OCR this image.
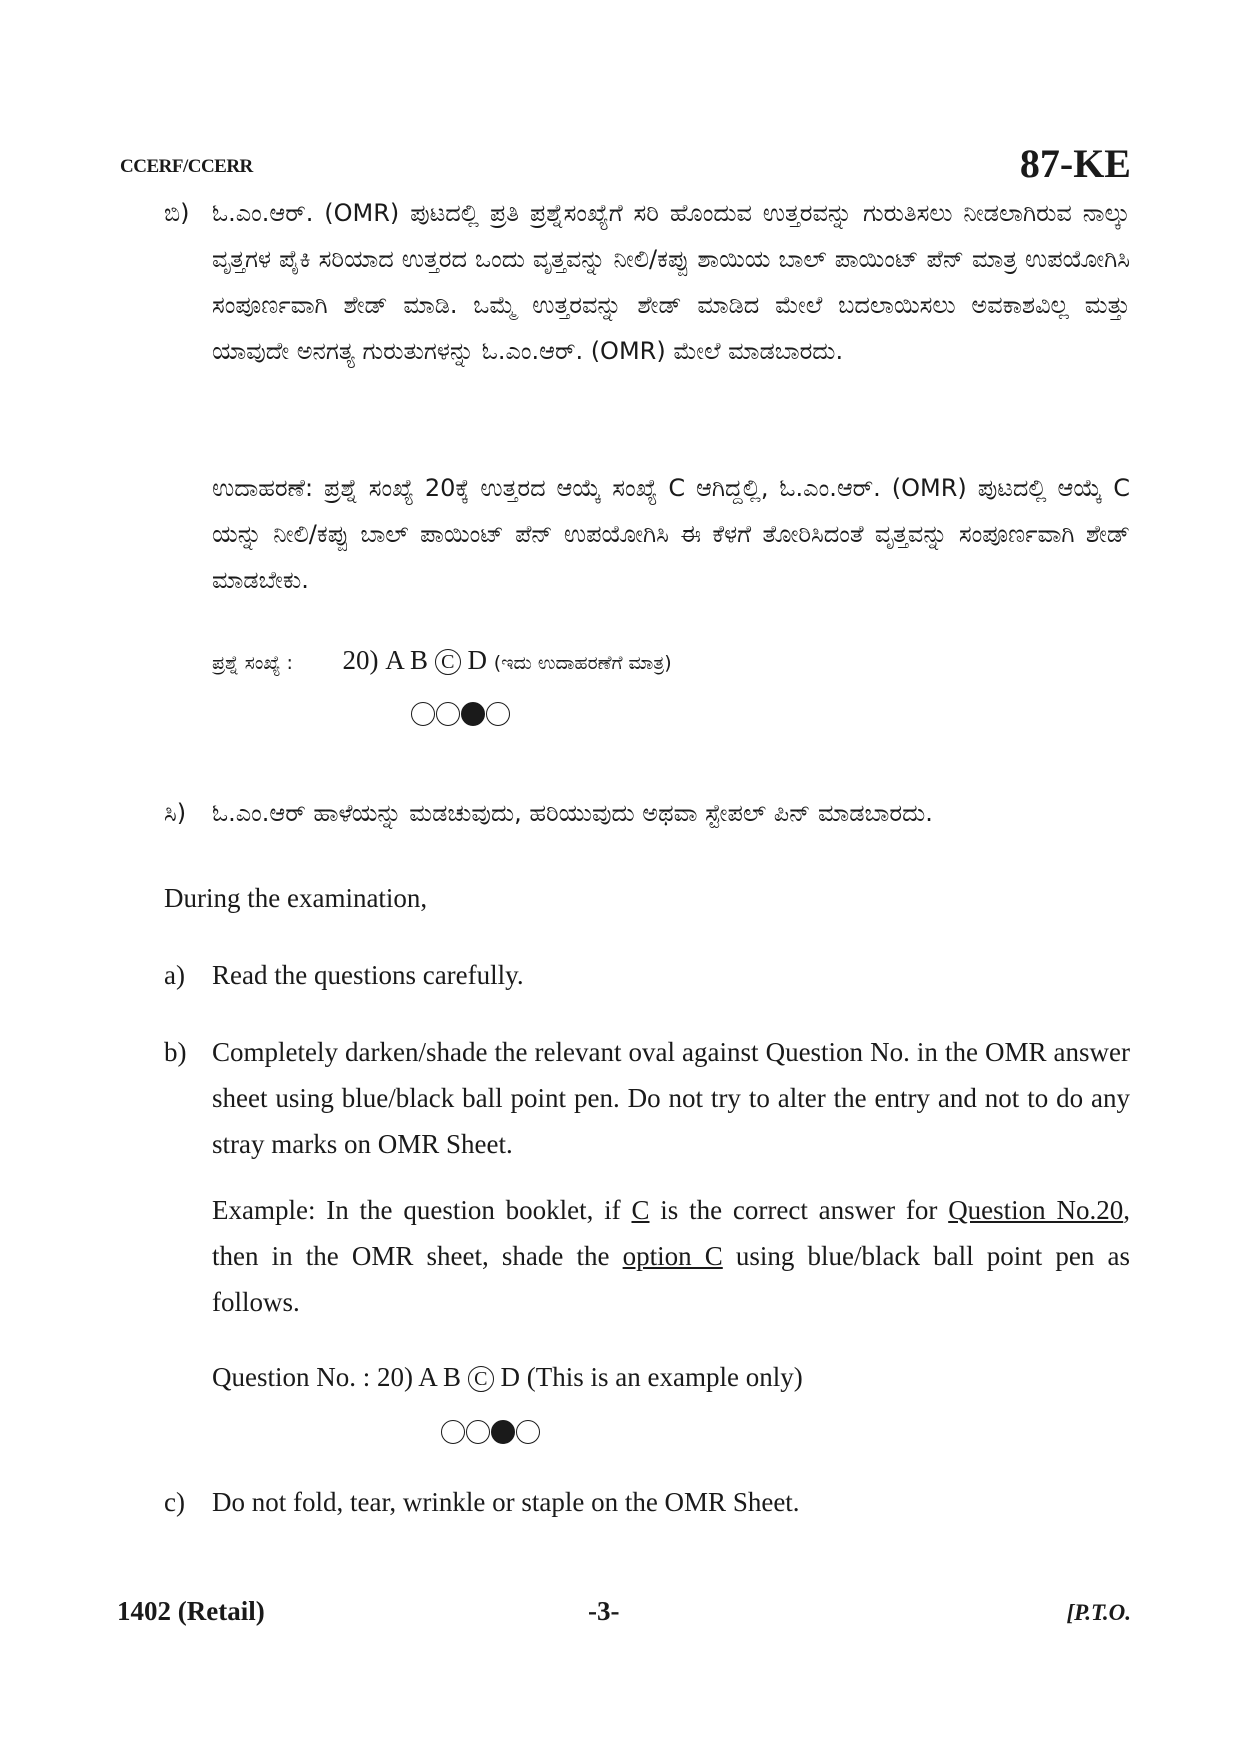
CCERF/CCERR	87-KE
ಬಿ) ಓ.ಎಂ.ಆರ್. (OMR) ಪುಟದಲ್ಲಿ ಪ್ರತಿ ಪ್ರಶ್ನೆಸಂಖ್ಯೆಗೆ ಸರಿ ಹೊಂದುವ ಉತ್ತರವನ್ನು ಗುರುತಿಸಲು ನೀಡಲಾಗಿರುವ ನಾಲ್ಕು ವೃತ್ತಗಳ ಪೈಕಿ ಸರಿಯಾದ ಉತ್ತರದ ಒಂದು ವೃತ್ತವನ್ನು ನೀಲಿ/ಕಪ್ಪು ಶಾಯಿಯ ಬಾಲ್ ಪಾಯಿಂಟ್ ಪೆನ್ ಮಾತ್ರ ಉಪಯೋಗಿಸಿ ಸಂಪೂರ್ಣವಾಗಿ ಶೇಡ್ ಮಾಡಿ. ಒಮ್ಮೆ ಉತ್ತರವನ್ನು ಶೇಡ್ ಮಾಡಿದ ಮೇಲೆ ಬದಲಾಯಿಸಲು ಅವಕಾಶವಿಲ್ಲ ಮತ್ತು ಯಾವುದೇ ಅನಗತ್ಯ ಗುರುತುಗಳನ್ನು ಓ.ಎಂ.ಆರ್. (OMR) ಮೇಲೆ ಮಾಡಬಾರದು.
ಉದಾಹರಣೆ: ಪ್ರಶ್ನೆ ಸಂಖ್ಯೆ 20ಕ್ಕೆ ಉತ್ತರದ ಆಯ್ಕೆ ಸಂಖ್ಯೆ C ಆಗಿದ್ದಲ್ಲಿ, ಓ.ಎಂ.ಆರ್. (OMR) ಪುಟದಲ್ಲಿ ಆಯ್ಕೆ C ಯನ್ನು ನೀಲಿ/ಕಪ್ಪು ಬಾಲ್ ಪಾಯಿಂಟ್ ಪೆನ್ ಉಪಯೋಗಿಸಿ ಈ ಕೆಳಗೆ ತೋರಿಸಿದಂತೆ ವೃತ್ತವನ್ನು ಸಂಪೂರ್ಣವಾಗಿ ಶೇಡ್ ಮಾಡಬೇಕು.
ಪ್ರಶ್ನೆ ಸಂಖ್ಯೆ : 20) A B C D (ಇದು ಉದಾಹರಣೆಗೆ ಮಾತ್ರ)
ಸಿ) ಓ.ಎಂ.ಆರ್ ಹಾಳೆಯನ್ನು ಮಡಚುವುದು, ಹರಿಯುವುದು ಅಥವಾ ಸ್ಟೇಪಲ್ ಪಿನ್ ಮಾಡಬಾರದು.
During the examination,
a) Read the questions carefully.
b) Completely darken/shade the relevant oval against Question No. in the OMR answer sheet using blue/black ball point pen. Do not try to alter the entry and not to do any stray marks on OMR Sheet.
Example: In the question booklet, if C is the correct answer for Question No.20, then in the OMR sheet, shade the option C using blue/black ball point pen as follows.
Question No. : 20) A B C D (This is an example only)
c) Do not fold, tear, wrinkle or staple on the OMR Sheet.
1402 (Retail)	-3-	[P.T.O.
